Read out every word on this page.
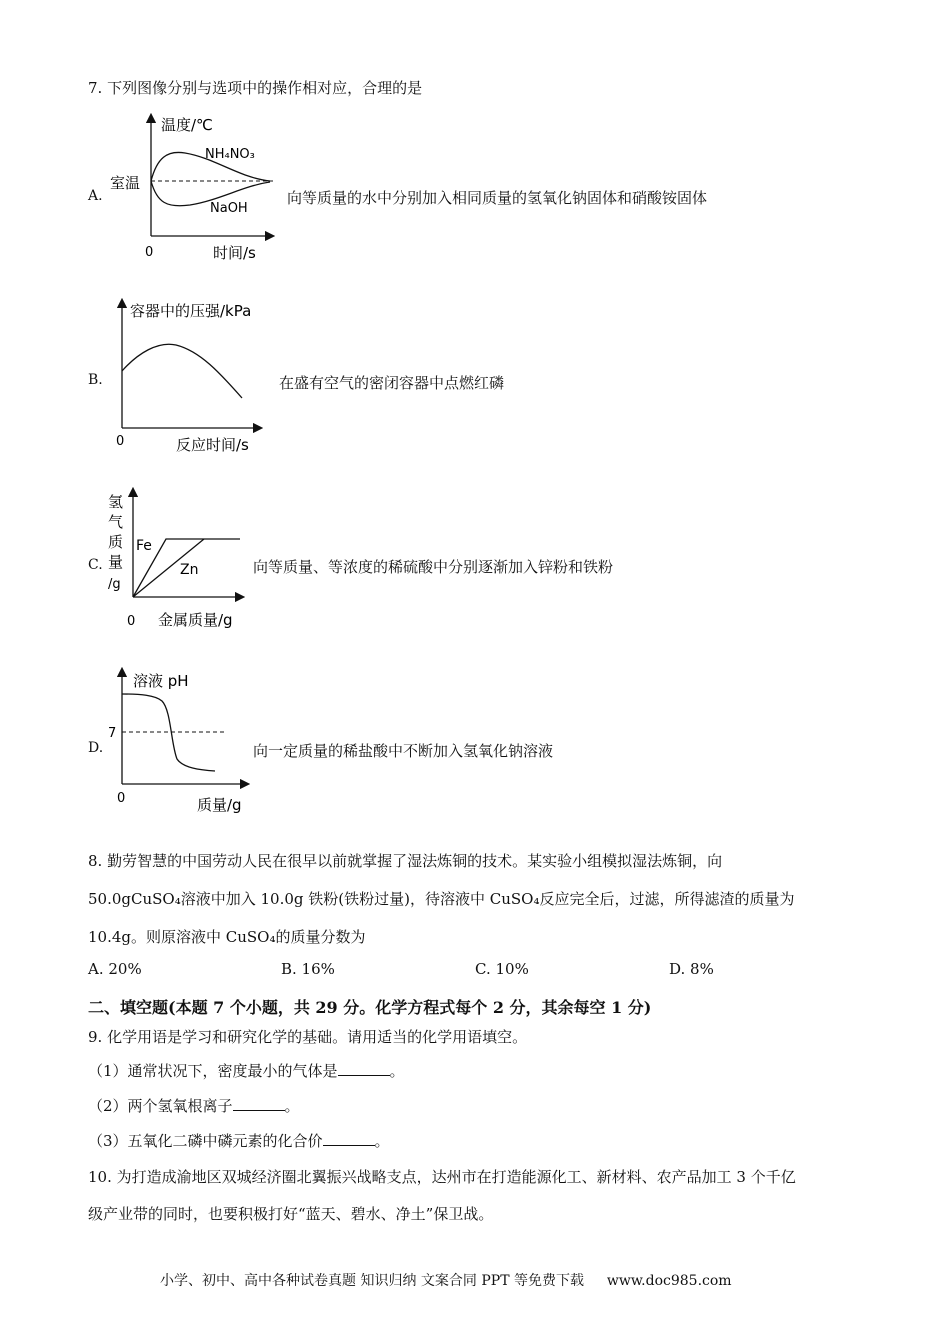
7. 下列图像分别与选项中的操作相对应，合理的是
A.
温度/℃
NH₄NO₃
NaOH
室温
0	时间/s
向等质量的水中分别加入相同质量的氢氧化钠固体和硝酸铵固体
B.
容器中的压强/kPa
0	反应时间/s
在盛有空气的密闭容器中点燃红磷
C.
Fe
Zn
氢
气
质
量
/g
0 金属质量/g
向等质量、等浓度的稀硫酸中分别逐渐加入锌粉和铁粉
D.
溶液 pH
7
0	质量/g
向一定质量的稀盐酸中不断加入氢氧化钠溶液
8. 勤劳智慧的中国劳动人民在很早以前就掌握了湿法炼铜的技术。某实验小组模拟湿法炼铜，向
50.0gCuSO₄溶液中加入 10.0g 铁粉(铁粉过量)，待溶液中 CuSO₄反应完全后，过滤，所得滤渣的质量为
10.4g。则原溶液中 CuSO₄的质量分数为
A. 20%	B. 16%	C. 10%	D. 8%
二、填空题(本题 7 个小题，共 29 分。化学方程式每个 2 分，其余每空 1 分)
9. 化学用语是学习和研究化学的基础。请用适当的化学用语填空。
（1）通常状况下，密度最小的气体是	。
（2）两个氢氧根离子	。
（3）五氧化二磷中磷元素的化合价	。
10. 为打造成渝地区双城经济圈北翼振兴战略支点，达州市在打造能源化工、新材料、农产品加工 3 个千亿
级产业带的同时，也要积极打好“蓝天、碧水、净土”保卫战。
小学、初中、高中各种试卷真题 知识归纳 文案合同 PPT 等免费下载 www.doc985.com
